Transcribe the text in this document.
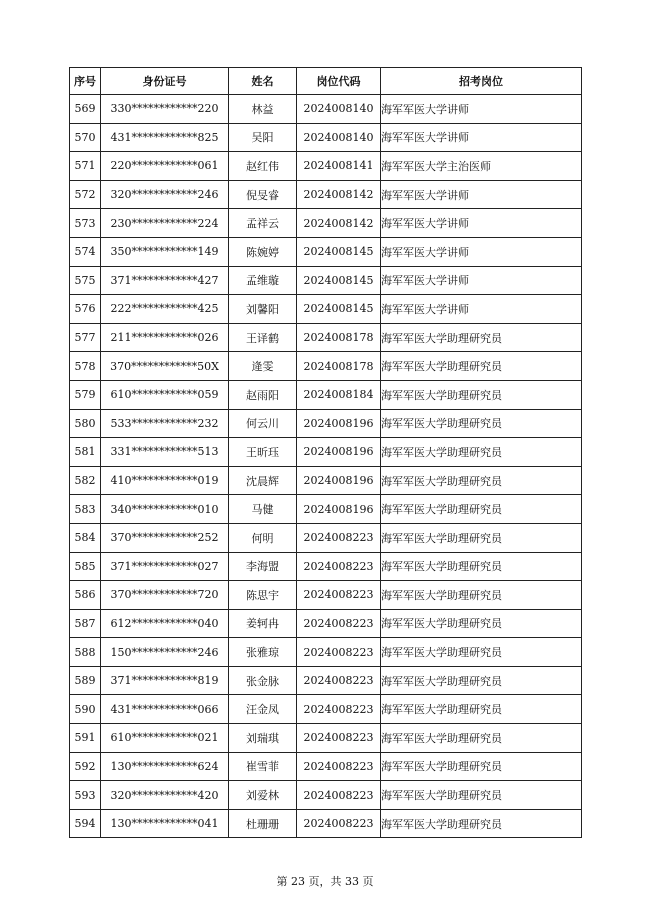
序号	身份证号	姓名	岗位代码	招考岗位
569	330************220	林益	2024008140	海军军医大学讲师
570	431************825	吴阳	2024008140	海军军医大学讲师
571	220************061	赵红伟	2024008141	海军军医大学主治医师
572	320************246	倪旻睿	2024008142	海军军医大学讲师
573	230************224	孟祥云	2024008142	海军军医大学讲师
574	350************149	陈婉婷	2024008145	海军军医大学讲师
575	371************427	孟维璇	2024008145	海军军医大学讲师
576	222************425	刘馨阳	2024008145	海军军医大学讲师
577	211************026	王译鹤	2024008178	海军军医大学助理研究员
578	370************50X	逄雯	2024008178	海军军医大学助理研究员
579	610************059	赵雨阳	2024008184	海军军医大学助理研究员
580	533************232	何云川	2024008196	海军军医大学助理研究员
581	331************513	王昕珏	2024008196	海军军医大学助理研究员
582	410************019	沈晨辉	2024008196	海军军医大学助理研究员
583	340************010	马健	2024008196	海军军医大学助理研究员
584	370************252	何明	2024008223	海军军医大学助理研究员
585	371************027	李海盟	2024008223	海军军医大学助理研究员
586	370************720	陈思宇	2024008223	海军军医大学助理研究员
587	612************040	姜轲冉	2024008223	海军军医大学助理研究员
588	150************246	张雅琼	2024008223	海军军医大学助理研究员
589	371************819	张金脉	2024008223	海军军医大学助理研究员
590	431************066	汪金凤	2024008223	海军军医大学助理研究员
591	610************021	刘瑞琪	2024008223	海军军医大学助理研究员
592	130************624	崔雪菲	2024008223	海军军医大学助理研究员
593	320************420	刘爱林	2024008223	海军军医大学助理研究员
594	130************041	杜珊珊	2024008223	海军军医大学助理研究员
第 23 页，共 33 页
